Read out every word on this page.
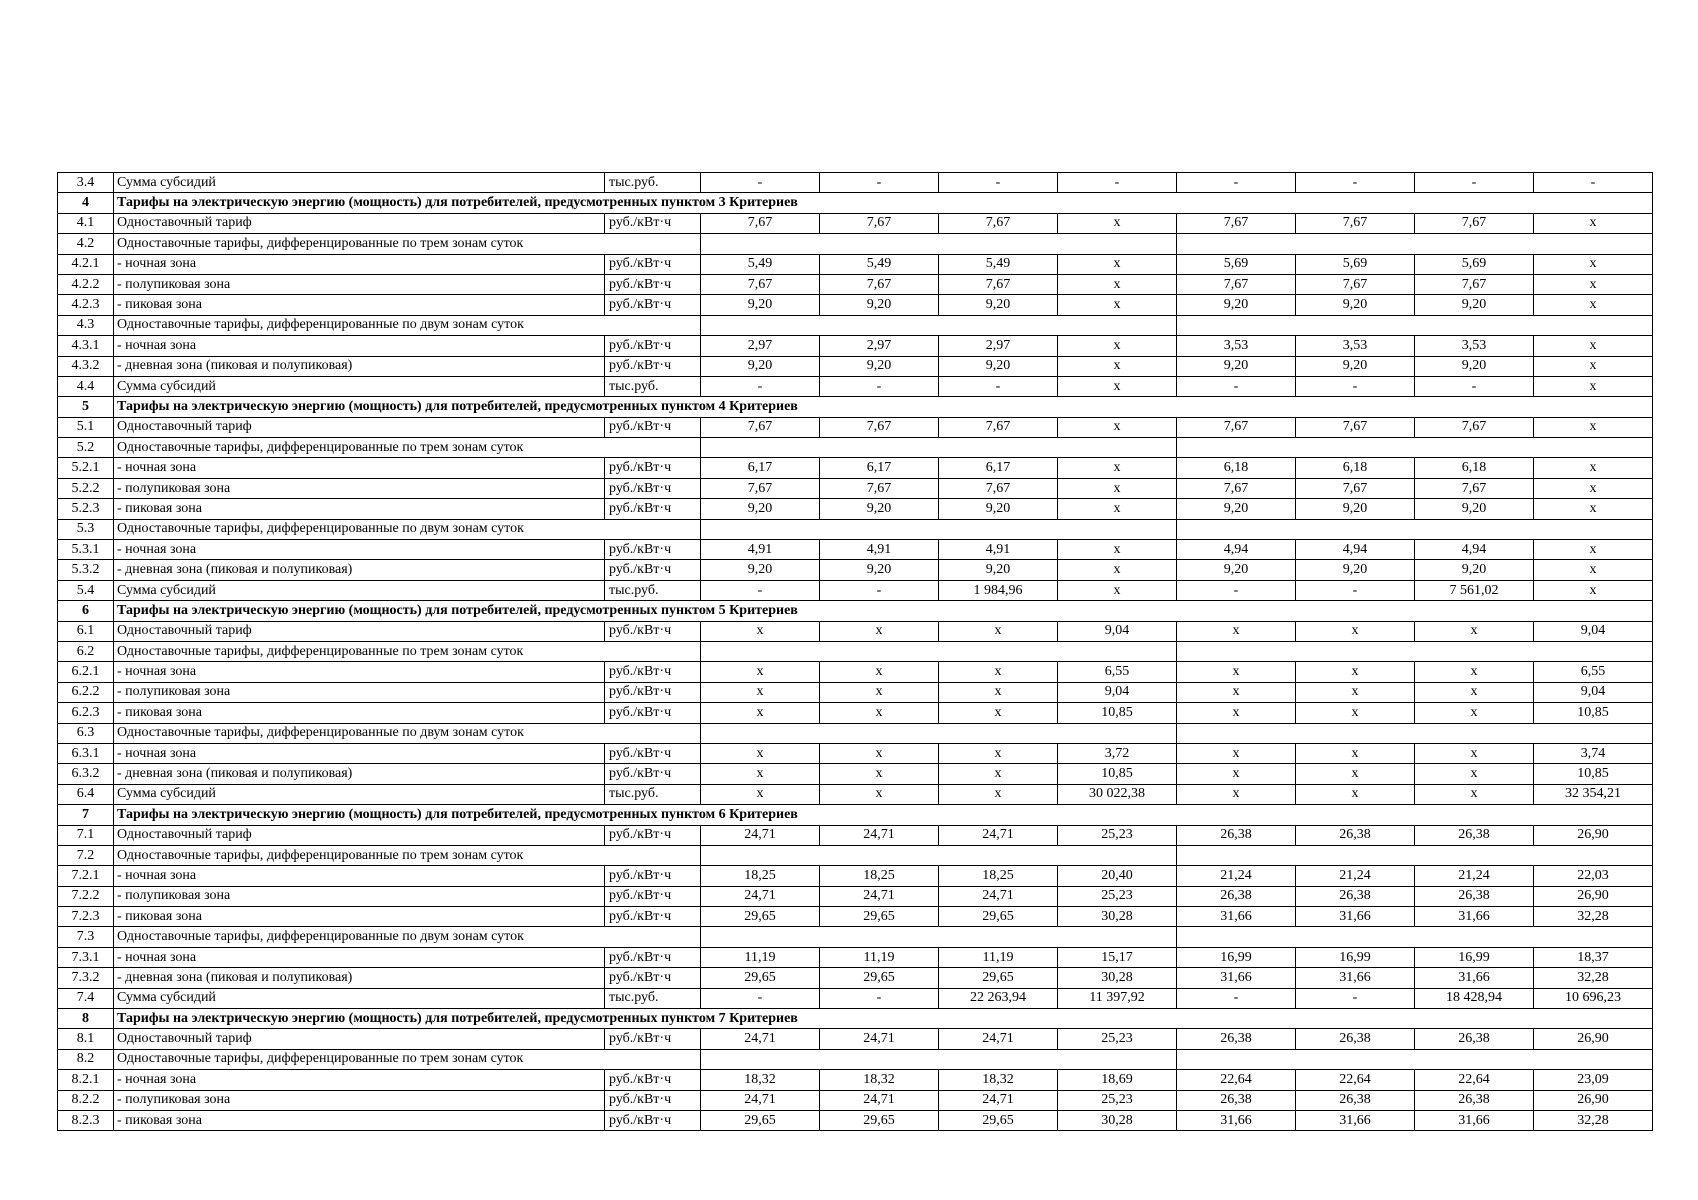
3.4	Сумма субсидий	тыс.руб.	-	-	-	-	-	-	-	-
4	Тарифы на электрическую энергию (мощность) для потребителей, предусмотренных пунктом 3 Критериев									
4.1	Одноставочный тариф	руб./кВт·ч	7,67	7,67	7,67	х	7,67	7,67	7,67	х
4.2	Одноставочные тарифы, дифференцированные по трем зонам суток									
4.2.1	- ночная зона	руб./кВт·ч	5,49	5,49	5,49	х	5,69	5,69	5,69	х
4.2.2	- полупиковая зона	руб./кВт·ч	7,67	7,67	7,67	х	7,67	7,67	7,67	х
4.2.3	- пиковая зона	руб./кВт·ч	9,20	9,20	9,20	х	9,20	9,20	9,20	х
4.3	Одноставочные тарифы, дифференцированные по двум зонам суток									
4.3.1	- ночная зона	руб./кВт·ч	2,97	2,97	2,97	х	3,53	3,53	3,53	х
4.3.2	- дневная зона (пиковая и полупиковая)	руб./кВт·ч	9,20	9,20	9,20	х	9,20	9,20	9,20	х
4.4	Сумма субсидий	тыс.руб.	-	-	-	х	-	-	-	х
5	Тарифы на электрическую энергию (мощность) для потребителей, предусмотренных пунктом 4 Критериев									
5.1	Одноставочный тариф	руб./кВт·ч	7,67	7,67	7,67	х	7,67	7,67	7,67	х
5.2	Одноставочные тарифы, дифференцированные по трем зонам суток									
5.2.1	- ночная зона	руб./кВт·ч	6,17	6,17	6,17	х	6,18	6,18	6,18	х
5.2.2	- полупиковая зона	руб./кВт·ч	7,67	7,67	7,67	х	7,67	7,67	7,67	х
5.2.3	- пиковая зона	руб./кВт·ч	9,20	9,20	9,20	х	9,20	9,20	9,20	х
5.3	Одноставочные тарифы, дифференцированные по двум зонам суток									
5.3.1	- ночная зона	руб./кВт·ч	4,91	4,91	4,91	х	4,94	4,94	4,94	х
5.3.2	- дневная зона (пиковая и полупиковая)	руб./кВт·ч	9,20	9,20	9,20	х	9,20	9,20	9,20	х
5.4	Сумма субсидий	тыс.руб.	-	-	1 984,96	х	-	-	7 561,02	х
6	Тарифы на электрическую энергию (мощность) для потребителей, предусмотренных пунктом 5 Критериев									
6.1	Одноставочный тариф	руб./кВт·ч	х	х	х	9,04	х	х	х	9,04
6.2	Одноставочные тарифы, дифференцированные по трем зонам суток									
6.2.1	- ночная зона	руб./кВт·ч	х	х	х	6,55	х	х	х	6,55
6.2.2	- полупиковая зона	руб./кВт·ч	х	х	х	9,04	х	х	х	9,04
6.2.3	- пиковая зона	руб./кВт·ч	х	х	х	10,85	х	х	х	10,85
6.3	Одноставочные тарифы, дифференцированные по двум зонам суток									
6.3.1	- ночная зона	руб./кВт·ч	х	х	х	3,72	х	х	х	3,74
6.3.2	- дневная зона (пиковая и полупиковая)	руб./кВт·ч	х	х	х	10,85	х	х	х	10,85
6.4	Сумма субсидий	тыс.руб.	х	х	х	30 022,38	х	х	х	32 354,21
7	Тарифы на электрическую энергию (мощность) для потребителей, предусмотренных пунктом 6 Критериев									
7.1	Одноставочный тариф	руб./кВт·ч	24,71	24,71	24,71	25,23	26,38	26,38	26,38	26,90
7.2	Одноставочные тарифы, дифференцированные по трем зонам суток									
7.2.1	- ночная зона	руб./кВт·ч	18,25	18,25	18,25	20,40	21,24	21,24	21,24	22,03
7.2.2	- полупиковая зона	руб./кВт·ч	24,71	24,71	24,71	25,23	26,38	26,38	26,38	26,90
7.2.3	- пиковая зона	руб./кВт·ч	29,65	29,65	29,65	30,28	31,66	31,66	31,66	32,28
7.3	Одноставочные тарифы, дифференцированные по двум зонам суток									
7.3.1	- ночная зона	руб./кВт·ч	11,19	11,19	11,19	15,17	16,99	16,99	16,99	18,37
7.3.2	- дневная зона (пиковая и полупиковая)	руб./кВт·ч	29,65	29,65	29,65	30,28	31,66	31,66	31,66	32,28
7.4	Сумма субсидий	тыс.руб.	-	-	22 263,94	11 397,92	-	-	18 428,94	10 696,23
8	Тарифы на электрическую энергию (мощность) для потребителей, предусмотренных пунктом 7 Критериев									
8.1	Одноставочный тариф	руб./кВт·ч	24,71	24,71	24,71	25,23	26,38	26,38	26,38	26,90
8.2	Одноставочные тарифы, дифференцированные по трем зонам суток									
8.2.1	- ночная зона	руб./кВт·ч	18,32	18,32	18,32	18,69	22,64	22,64	22,64	23,09
8.2.2	- полупиковая зона	руб./кВт·ч	24,71	24,71	24,71	25,23	26,38	26,38	26,38	26,90
8.2.3	- пиковая зона	руб./кВт·ч	29,65	29,65	29,65	30,28	31,66	31,66	31,66	32,28
